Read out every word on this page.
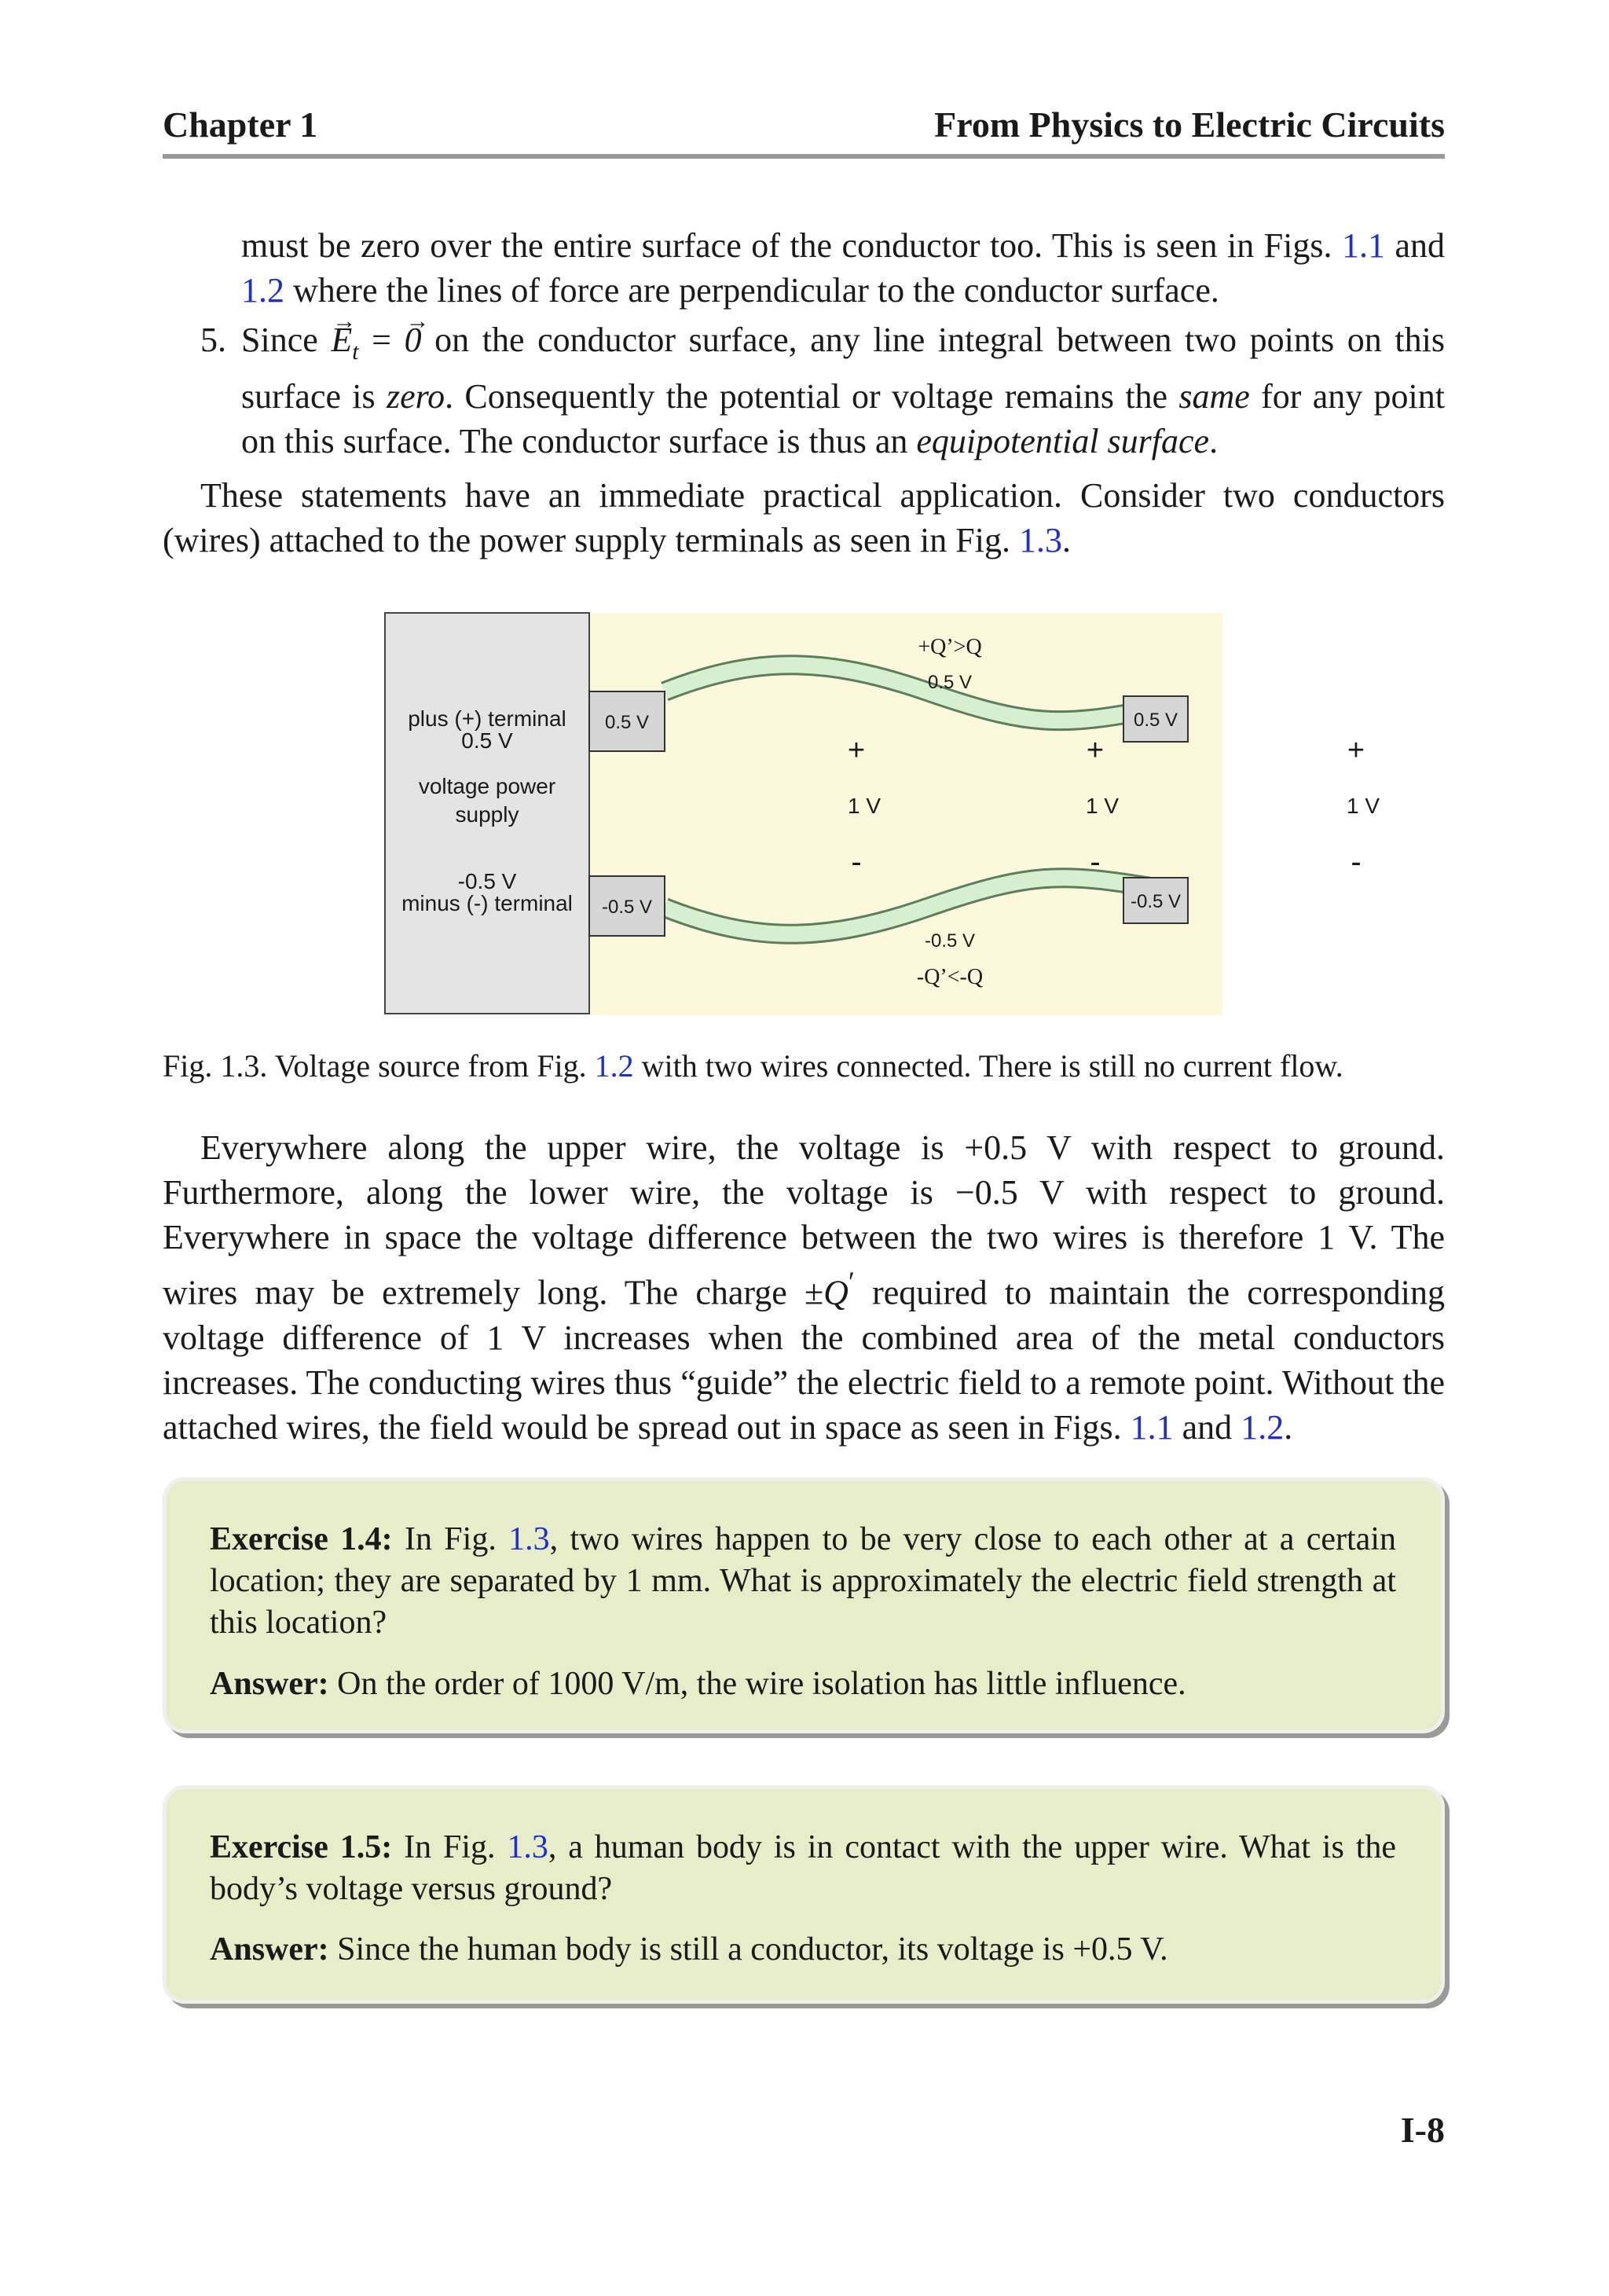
Chapter 1	From Physics to Electric Circuits

must be zero over the entire surface of the conductor too. This is seen in Figs. 1.1 and 1.2 where the lines of force are perpendicular to the conductor surface.

5. Since → $E_t$ = → 0 on the conductor surface, any line integral between two points on this surface is zero. Consequently the potential or voltage remains the same for any point on this surface. The conductor surface is thus an equipotential surface.

These statements have an immediate practical application. Consider two conductors (wires) attached to the power supply terminals as seen in Fig. 1.3.

plus (+) terminal
0.5 V
voltage power
supply
-0.5 V
minus (-) terminal
0.5 V
-0.5 V
0.5 V
-0.5 V
0.5 V
-0.5 V
+Q’>Q
-Q’<-Q
+	+	+
1 V	1 V	1 V
-	-	-
Fig. 1.3. Voltage source from Fig. 1.2 with two wires connected. There is still no current flow.

Everywhere along the upper wire, the voltage is +0.5 V with respect to ground. Furthermore, along the lower wire, the voltage is −0.5 V with respect to ground. Everywhere in space the voltage difference between the two wires is therefore 1 V. The wires may be extremely long. The charge ±Q′ required to maintain the corresponding voltage difference of 1 V increases when the combined area of the metal conductors increases. The conducting wires thus “guide” the electric field to a remote point. Without the attached wires, the field would be spread out in space as seen in Figs. 1.1 and 1.2.

Exercise 1.4: In Fig. 1.3, two wires happen to be very close to each other at a certain location; they are separated by 1 mm. What is approximately the electric field strength at this location?
Answer: On the order of 1000 V/m, the wire isolation has little influence.
Exercise 1.5: In Fig. 1.3, a human body is in contact with the upper wire. What is the body’s voltage versus ground?
Answer: Since the human body is still a conductor, its voltage is +0.5 V.
I-8
